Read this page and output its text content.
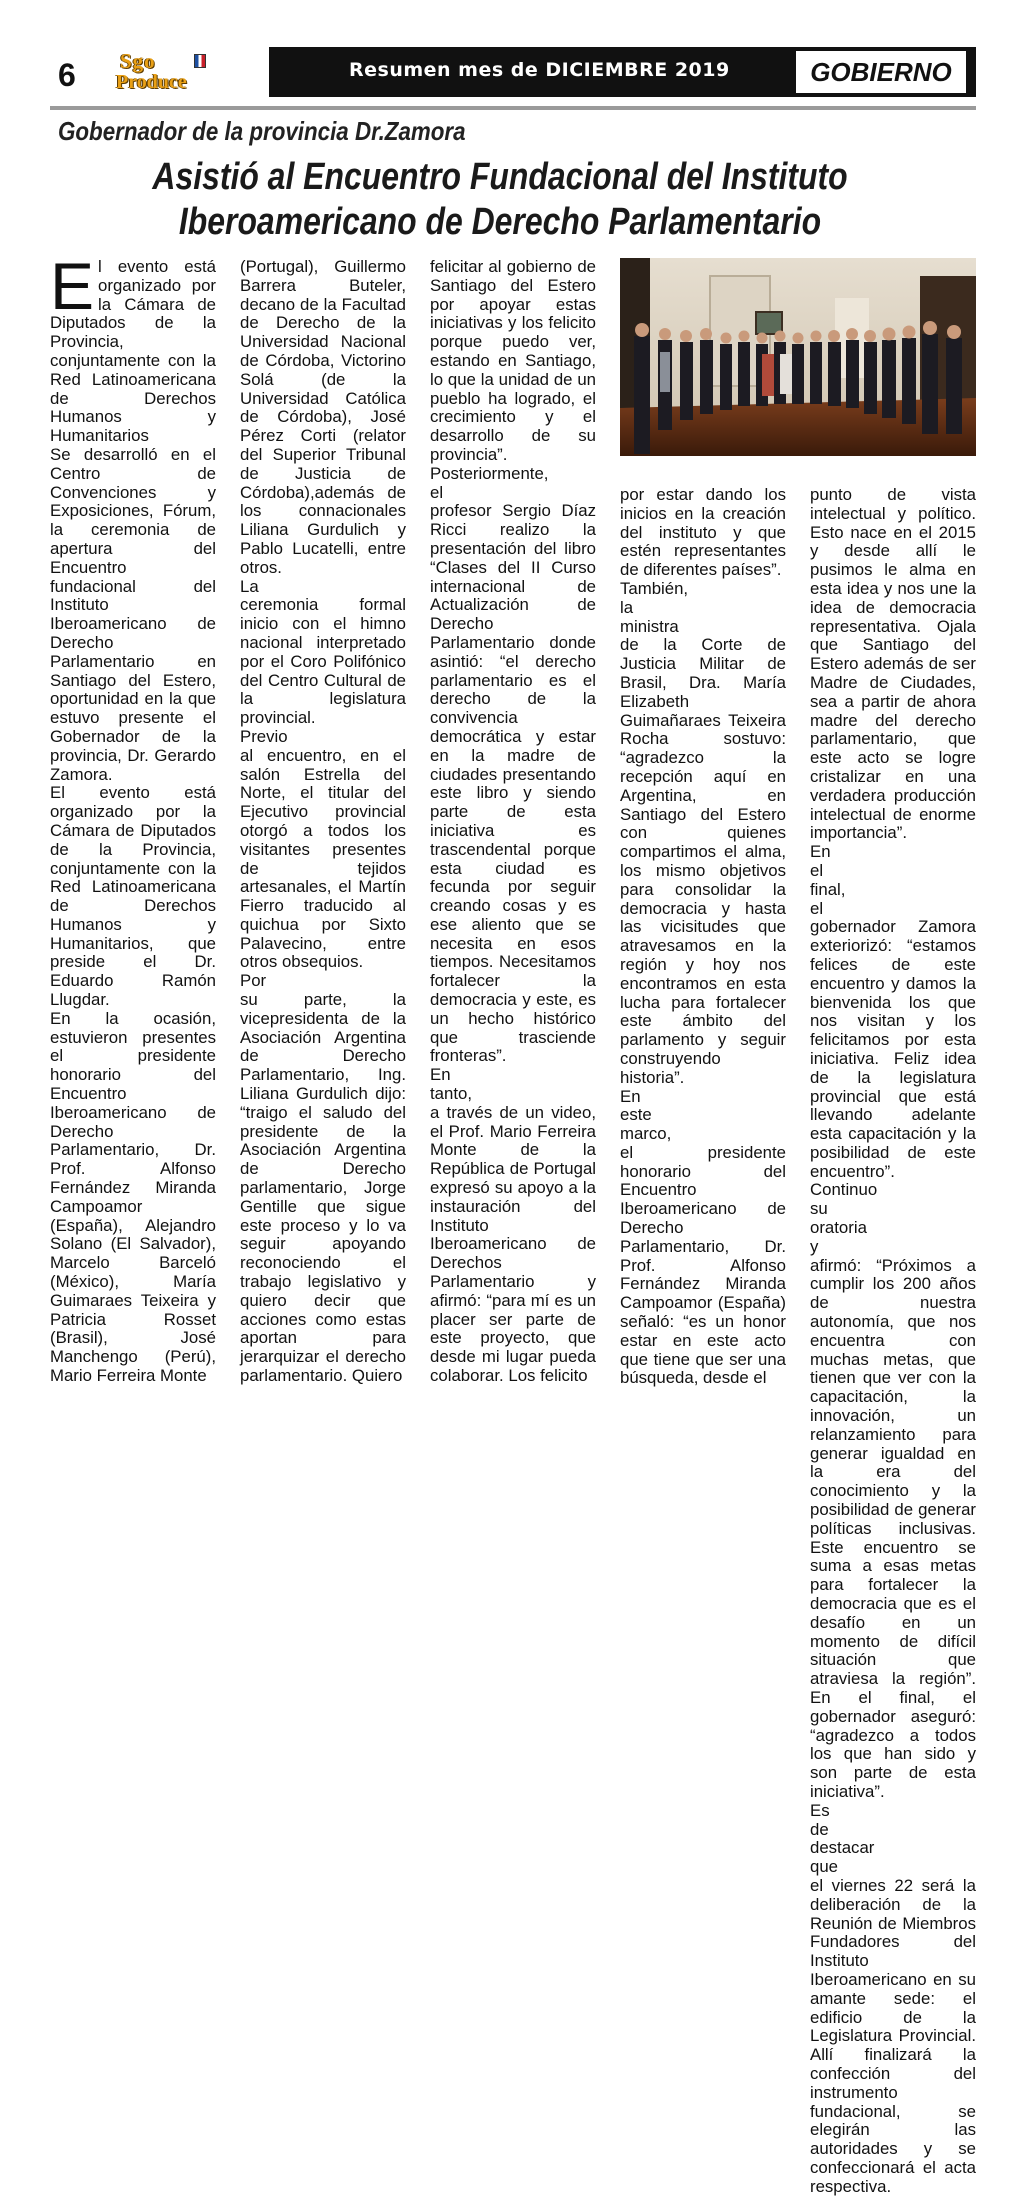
6 Sgo
Produce
Resumen mes de DICIEMBRE 2019	GOBIERNO
Gobernador de la provincia Dr.Zamora
Asistió al Encuentro Fundacional del Instituto Iberoamericano de Derecho Parlamentario

El evento está organizado por la Cámara de Diputados de la Provincia, conjuntamente con la Red Latinoamericana de Derechos Humanos y Humanitarios

Se desarrolló en el Centro de Convenciones y Exposiciones, Fórum, la ceremonia de apertura del Encuentro fundacional del Instituto Iberoamericano de Derecho Parlamentario en Santiago del Estero, oportunidad en la que estuvo presente el Gobernador de la provincia, Dr. Gerardo Zamora.

El evento está organizado por la Cámara de Diputados de la Provincia, conjuntamente con la Red Latinoamericana de Derechos Humanos y Humanitarios, que preside el Dr. Eduardo Ramón Llugdar.

En la ocasión, estuvieron presentes el presidente honorario del Encuentro Iberoamericano de Derecho Parlamentario, Dr. Prof. Alfonso Fernández Miranda Campoamor (España), Alejandro Solano (El Salvador), Marcelo Barceló (México), María Guimaraes Teixeira y Patricia Rosset (Brasil), José Manchengo (Perú), Mario Ferreira Monte

(Portugal), Guillermo Barrera Buteler, decano de la Facultad de Derecho de la Universidad Nacional de Córdoba, Victorino Solá (de la Universidad Católica de Córdoba), José Pérez Corti (relator del Superior Tribunal de Justicia de Córdoba),además de los connacionales Liliana Gurdulich y Pablo Lucatelli, entre otros.

La

ceremonia formal inicio con el himno nacional interpretado por el Coro Polifónico del Centro Cultural de la legislatura provincial.

Previo

al encuentro, en el salón Estrella del Norte, el titular del Ejecutivo provincial otorgó a todos los visitantes presentes de tejidos artesanales, el Martín Fierro traducido al quichua por Sixto Palavecino, entre otros obsequios.

Por

su parte, la vicepresidenta de la Asociación Argentina de Derecho Parlamentario, Ing. Liliana Gurdulich dijo: “traigo el saludo del presidente de la Asociación Argentina de Derecho parlamentario, Jorge Gentille que sigue este proceso y lo va seguir apoyando reconociendo el trabajo legislativo y quiero decir que acciones como estas aportan para jerarquizar el derecho parlamentario. Quiero

felicitar al gobierno de Santiago del Estero por apoyar estas iniciativas y los felicito porque puedo ver, estando en Santiago, lo que la unidad de un pueblo ha logrado, el crecimiento y el desarrollo de su provincia”.

Posteriormente,

el

profesor Sergio Díaz Ricci realizo la presentación del libro “Clases del II Curso internacional de Actualización de Derecho Parlamentario donde asintió: “el derecho parlamentario es el derecho de la convivencia democrática y estar en la madre de ciudades presentando este libro y siendo parte de esta iniciativa es trascendental porque esta ciudad es fecunda por seguir creando cosas y es ese aliento que se necesita en esos tiempos. Necesitamos fortalecer la democracia y este, es un hecho histórico que trasciende fronteras”.

En

tanto,

a través de un video, el Prof. Mario Ferreira Monte de la República de Portugal expresó su apoyo a la instauración del Instituto Iberoamericano de Derechos Parlamentario y afirmó: “para mí es un placer ser parte de este proyecto, que desde mi lugar pueda colaborar. Los felicito

por estar dando los inicios en la creación del instituto y que estén representantes de diferentes países”.

También,

la

ministra

de la Corte de Justicia Militar de Brasil, Dra. María Elizabeth Guimañaraes Teixeira Rocha sostuvo: “agradezco la recepción aquí en Argentina, en Santiago del Estero con quienes compartimos el alma, los mismo objetivos para consolidar la democracia y hasta las vicisitudes que atravesamos en la región y hoy nos encontramos en esta lucha para fortalecer este ámbito del parlamento y seguir construyendo historia”.

En

este

marco,

el presidente honorario del Encuentro Iberoamericano de Derecho Parlamentario, Dr. Prof. Alfonso Fernández Miranda Campoamor (España) señaló: “es un honor estar en este acto que tiene que ser una búsqueda, desde el

punto de vista intelectual y político. Esto nace en el 2015 y desde allí le pusimos le alma en esta idea y nos une la idea de democracia representativa. Ojala que Santiago del Estero además de ser Madre de Ciudades, sea a partir de ahora madre del derecho parlamentario, que este acto se logre cristalizar en una verdadera producción intelectual de enorme importancia”.

En

el

final,

el

gobernador Zamora exteriorizó: “estamos felices de este encuentro y damos la bienvenida los que nos visitan y los felicitamos por esta iniciativa. Feliz idea de la legislatura provincial que está llevando adelante esta capacitación y la posibilidad de este encuentro”.

Continuo

su

oratoria

y

afirmó: “Próximos a cumplir los 200 años de nuestra autonomía, que nos encuentra con muchas metas, que tienen que ver con la capacitación, la innovación, un relanzamiento para generar igualdad en la era del conocimiento y la posibilidad de generar políticas inclusivas. Este encuentro se suma a esas metas para fortalecer la democracia que es el desafío en un momento de difícil situación que atraviesa la región”. En el final, el gobernador aseguró: “agradezco a todos los que han sido y son parte de esta iniciativa”.

Es

de

destacar

que

el viernes 22 será la deliberación de la Reunión de Miembros Fundadores del Instituto Iberoamericano en su amante sede: el edificio de la Legislatura Provincial. Allí finalizará la confección del instrumento fundacional, se elegirán las autoridades y se confeccionará el acta respectiva.
